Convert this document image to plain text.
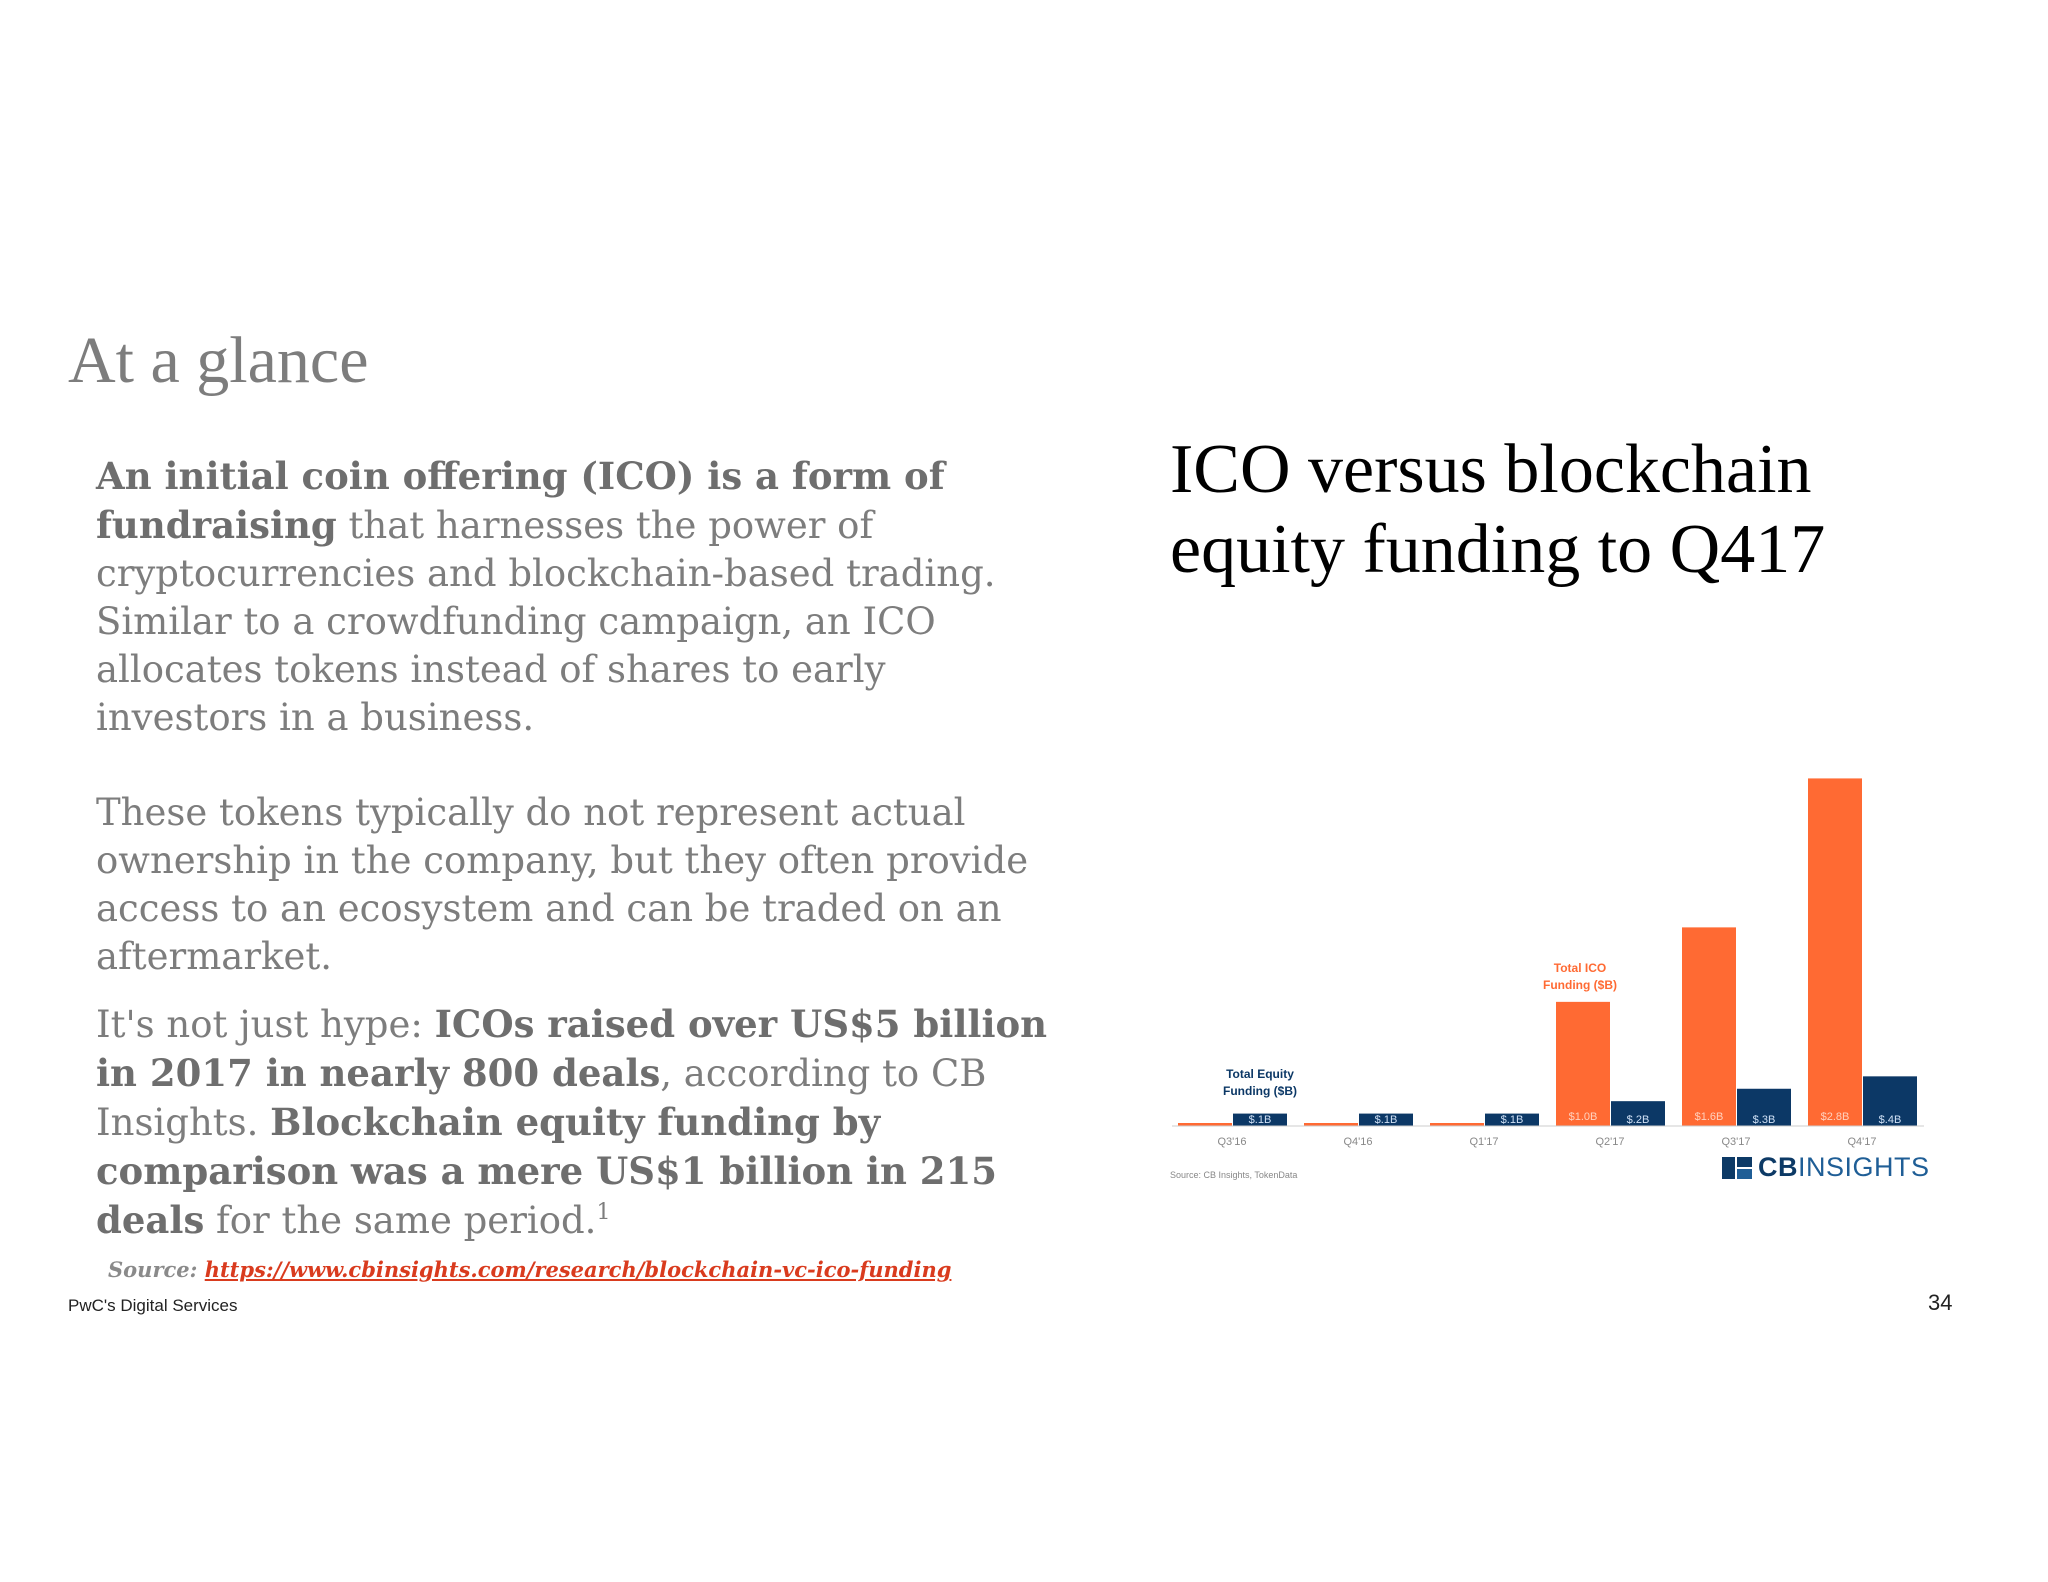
At a glance

An initial coin offering (ICO) is a form of fundraising that harnesses the power of cryptocurrencies and blockchain-based trading. Similar to a crowdfunding campaign, an ICO allocates tokens instead of shares to early investors in a business.

These tokens typically do not represent actual ownership in the company, but they often provide access to an ecosystem and can be traded on an aftermarket.

It's not just hype: ICOs raised over US$5 billion in 2017 in nearly 800 deals, according to CB Insights. Blockchain equity funding by comparison was a mere US$1 billion in 215 deals for the same period.$^1$

Source: https://www.cbinsights.com/research/blockchain-vc-ico-funding
PwC's Digital Services	34
ICO versus blockchain equity funding to Q417
$.1B
Q3'16
$.1B
Q4'16
$.1B
Q1'17
$1.0B	$.2B
Q2'17
$1.6B	$.3B
Q3'17
$2.8B	$.4B
Q4'17
Total Equity
Funding ($B)
Total ICO
Funding ($B)
Source: CB Insights, TokenData	CBINSIGHTS
